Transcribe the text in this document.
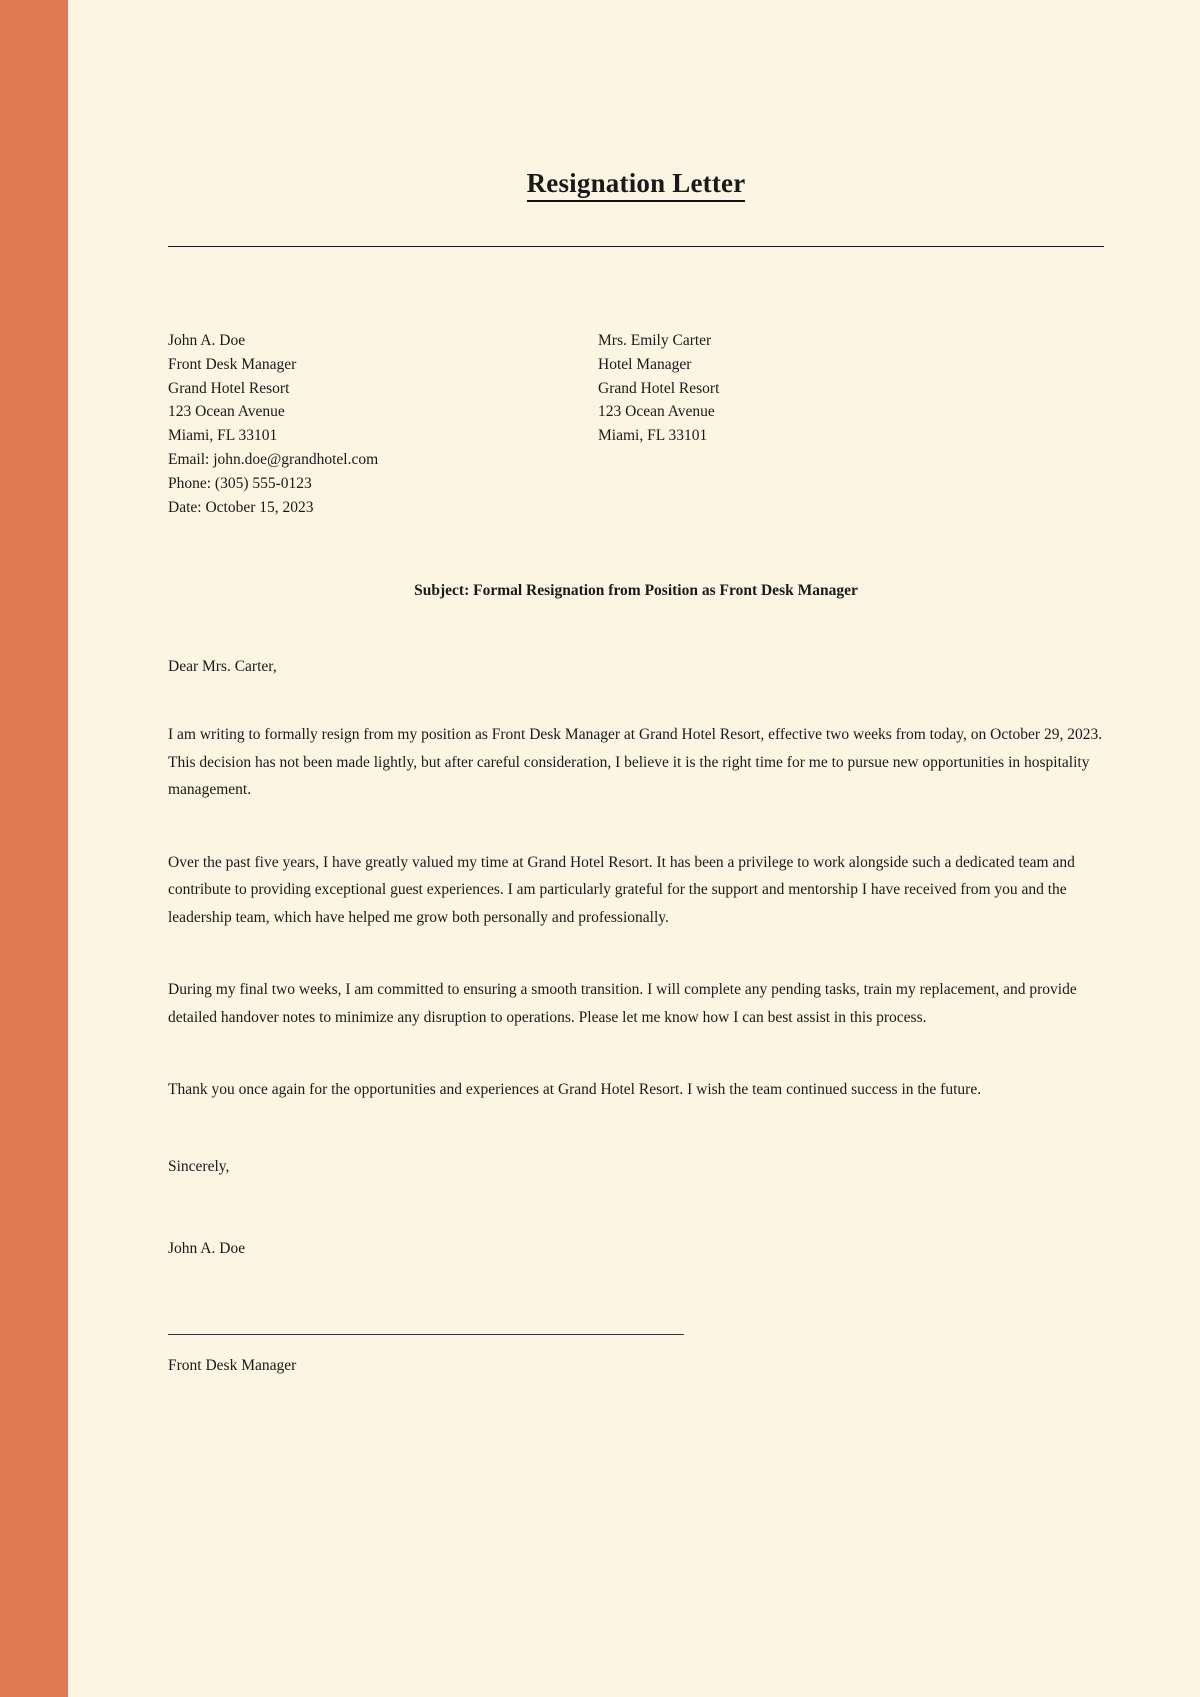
Resignation Letter
John A. Doe
Front Desk Manager
Grand Hotel Resort
123 Ocean Avenue
Miami, FL 33101
Email: john.doe@grandhotel.com
Phone: (305) 555-0123
Date: October 15, 2023
Mrs. Emily Carter
Hotel Manager
Grand Hotel Resort
123 Ocean Avenue
Miami, FL 33101
Subject: Formal Resignation from Position as Front Desk Manager
Dear Mrs. Carter,
I am writing to formally resign from my position as Front Desk Manager at Grand Hotel Resort, effective two weeks from today, on October 29, 2023. This decision has not been made lightly, but after careful consideration, I believe it is the right time for me to pursue new opportunities in hospitality management.
Over the past five years, I have greatly valued my time at Grand Hotel Resort. It has been a privilege to work alongside such a dedicated team and contribute to providing exceptional guest experiences. I am particularly grateful for the support and mentorship I have received from you and the leadership team, which have helped me grow both personally and professionally.
During my final two weeks, I am committed to ensuring a smooth transition. I will complete any pending tasks, train my replacement, and provide detailed handover notes to minimize any disruption to operations. Please let me know how I can best assist in this process.
Thank you once again for the opportunities and experiences at Grand Hotel Resort. I wish the team continued success in the future.
Sincerely,
John A. Doe
Front Desk Manager
